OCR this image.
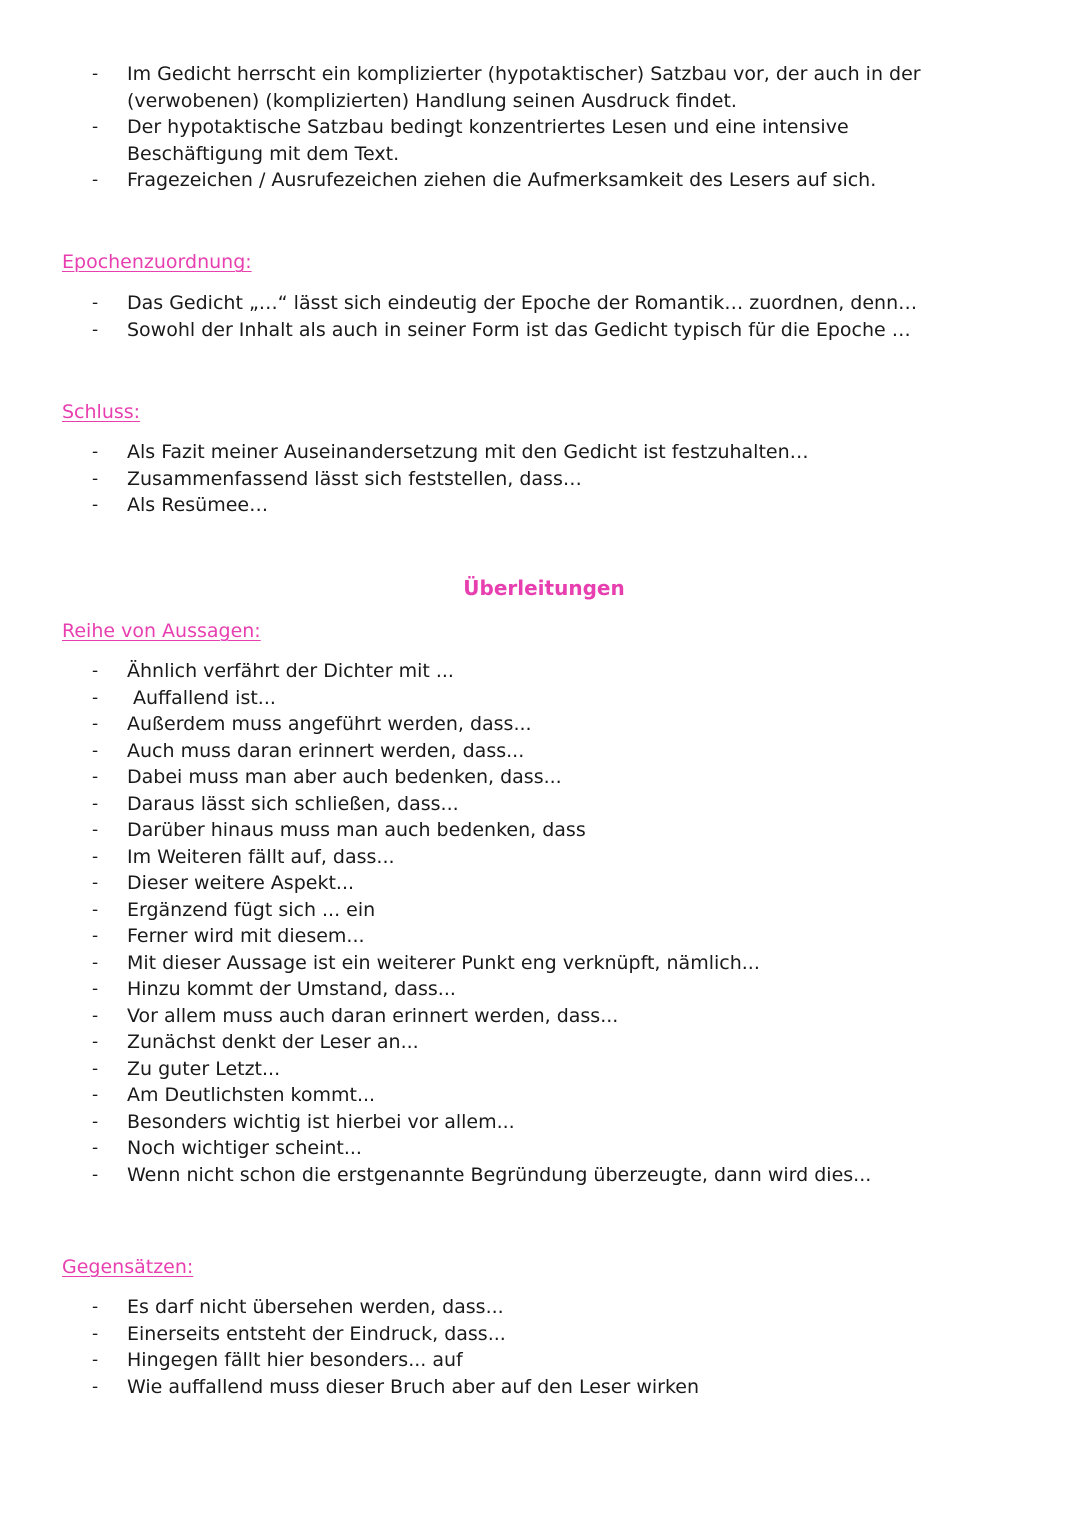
- Im Gedicht herrscht ein komplizierter (hypotaktischer) Satzbau vor, der auch in der (verwobenen) (komplizierten) Handlung seinen Ausdruck findet.
- Der hypotaktische Satzbau bedingt konzentriertes Lesen und eine intensive Beschäftigung mit dem Text.
- Fragezeichen / Ausrufezeichen ziehen die Aufmerksamkeit des Lesers auf sich.
Epochenzuordnung:
- Das Gedicht „…“ lässt sich eindeutig der Epoche der Romantik… zuordnen, denn…
- Sowohl der Inhalt als auch in seiner Form ist das Gedicht typisch für die Epoche …
Schluss:
- Als Fazit meiner Auseinandersetzung mit den Gedicht ist festzuhalten…
- Zusammenfassend lässt sich feststellen, dass…
- Als Resümee…
Überleitungen
Reihe von Aussagen:
- Ähnlich verfährt der Dichter mit ...
- Auffallend ist...
- Außerdem muss angeführt werden, dass...
- Auch muss daran erinnert werden, dass...
- Dabei muss man aber auch bedenken, dass...
- Daraus lässt sich schließen, dass...
- Darüber hinaus muss man auch bedenken, dass
- Im Weiteren fällt auf, dass...
- Dieser weitere Aspekt...
- Ergänzend fügt sich ... ein
- Ferner wird mit diesem...
- Mit dieser Aussage ist ein weiterer Punkt eng verknüpft, nämlich...
- Hinzu kommt der Umstand, dass...
- Vor allem muss auch daran erinnert werden, dass...
- Zunächst denkt der Leser an...
- Zu guter Letzt...
- Am Deutlichsten kommt...
- Besonders wichtig ist hierbei vor allem...
- Noch wichtiger scheint...
- Wenn nicht schon die erstgenannte Begründung überzeugte, dann wird dies...
Gegensätzen:
- Es darf nicht übersehen werden, dass...
- Einerseits entsteht der Eindruck, dass...
- Hingegen fällt hier besonders... auf
- Wie auffallend muss dieser Bruch aber auf den Leser wirken
